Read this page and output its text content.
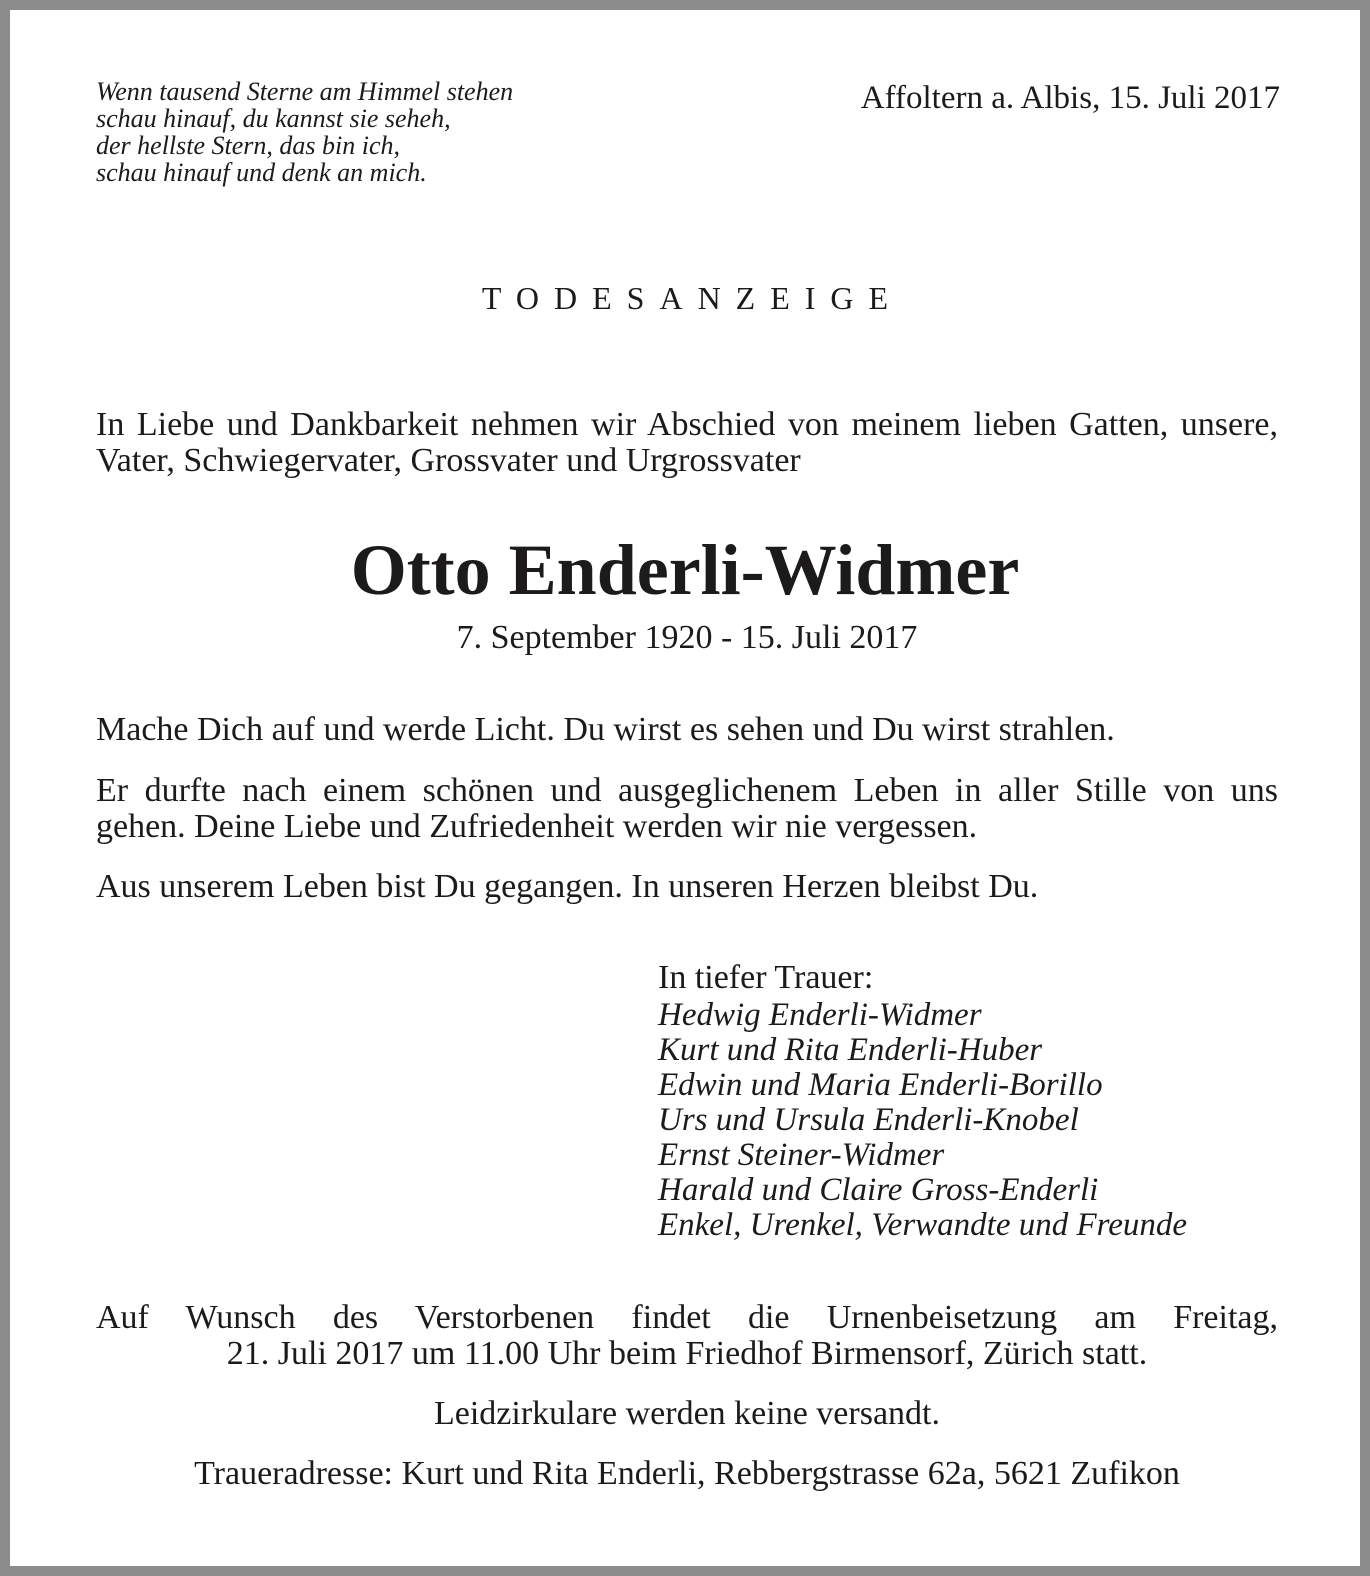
Wenn tausend Sterne am Himmel stehen
schau hinauf, du kannst sie seheh,
der hellste Stern, das bin ich,
schau hinauf und denk an mich.
Affoltern a. Albis, 15. Juli 2017
TODESANZEIGE
In Liebe und Dankbarkeit nehmen wir Abschied von meinem lieben Gatten, unsere, Vater, Schwiegervater, Grossvater und Urgrossvater
Otto Enderli-Widmer
7. September 1920 - 15. Juli 2017
Mache Dich auf und werde Licht. Du wirst es sehen und Du wirst strahlen.
Er durfte nach einem schönen und ausgeglichenem Leben in aller Stille von uns gehen. Deine Liebe und Zufriedenheit werden wir nie vergessen.
Aus unserem Leben bist Du gegangen. In unseren Herzen bleibst Du.
In tiefer Trauer:
Hedwig Enderli-Widmer
Kurt und Rita Enderli-Huber
Edwin und Maria Enderli-Borillo
Urs und Ursula Enderli-Knobel
Ernst Steiner-Widmer
Harald und Claire Gross-Enderli
Enkel, Urenkel, Verwandte und Freunde
Auf Wunsch des Verstorbenen findet die Urnenbeisetzung am Freitag,
21. Juli 2017 um 11.00 Uhr beim Friedhof Birmensorf, Zürich statt.
Leidzirkulare werden keine versandt.
Traueradresse: Kurt und Rita Enderli, Rebbergstrasse 62a, 5621 Zufikon
